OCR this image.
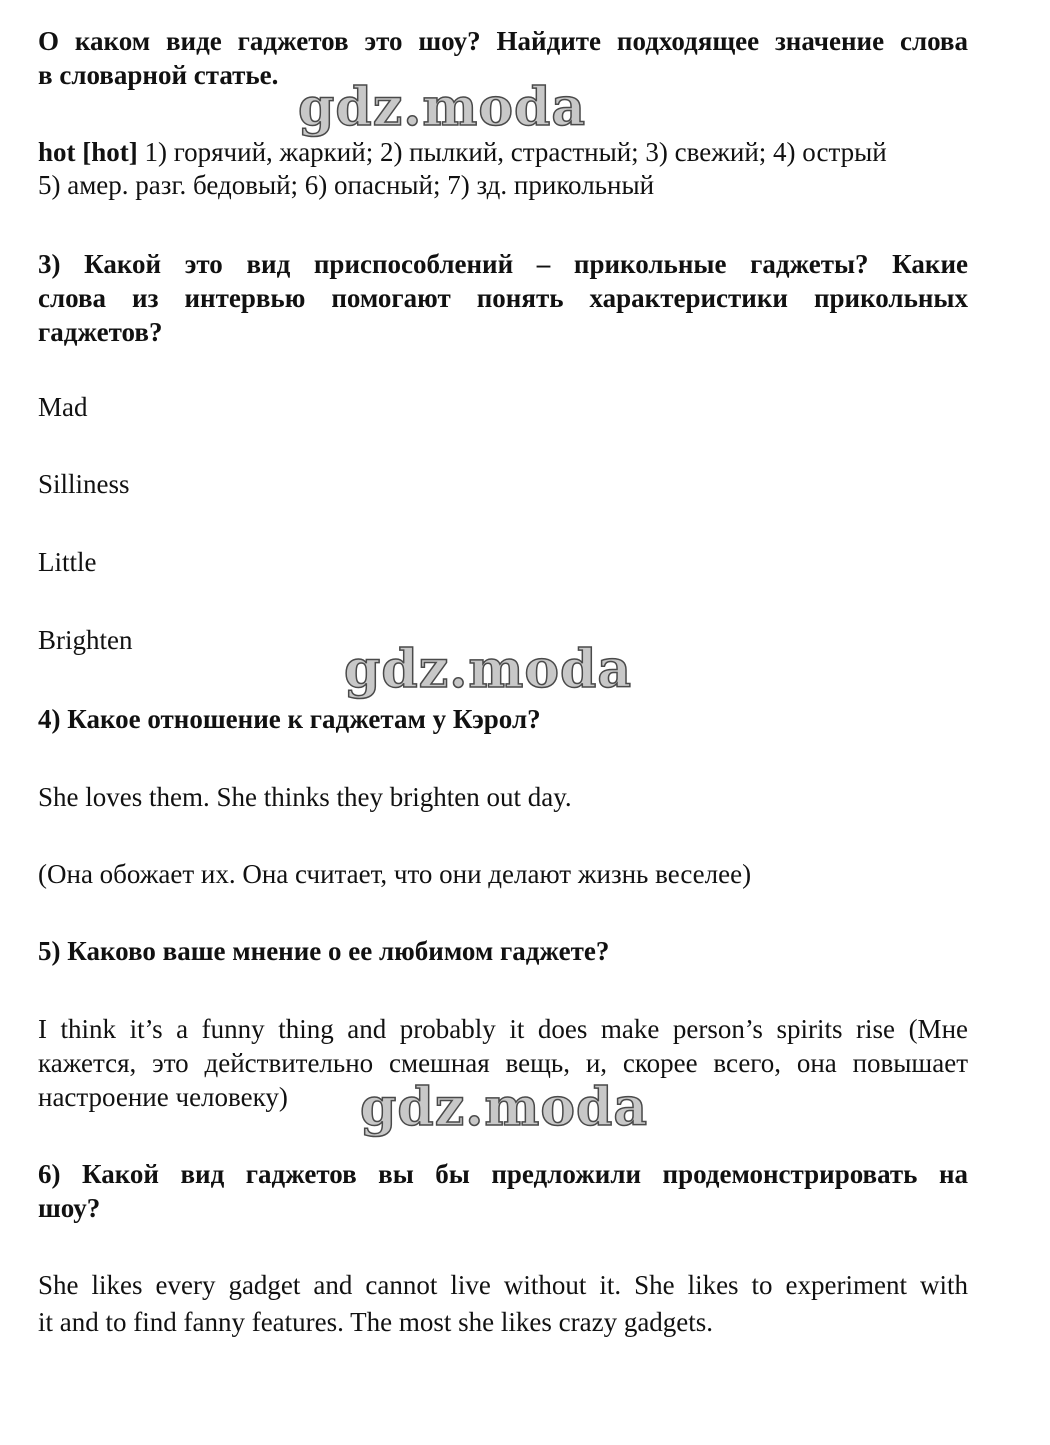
О каком виде гаджетов это шоу? Найдите подходящее значение слова
в словарной статье.
gdz.moda
hot [hot] 1) горячий, жаркий; 2) пылкий, страстный; 3) свежий; 4) острый
5) амер. разг. бедовый; 6) опасный; 7) зд. прикольный
3) Какой это вид приспособлений – прикольные гаджеты? Какие
слова из интервью помогают понять характеристики прикольных
гаджетов?
Mad
Silliness
Little
Brighten	gdz.moda
4) Какое отношение к гаджетам у Кэрол?
She loves them. She thinks they brighten out day.
(Она обожает их. Она считает, что они делают жизнь веселее)
5) Каково ваше мнение о ее любимом гаджете?
I think it’s a funny thing and probably it does make person’s spirits rise (Мне
кажется, это действительно смешная вещь, и, скорее всего, она повышает
настроение человеку)	gdz.moda
6) Какой вид гаджетов вы бы предложили продемонстрировать на
шоу?
She likes every gadget and cannot live without it. She likes to experiment with
it and to find fanny features. The most she likes crazy gadgets.
